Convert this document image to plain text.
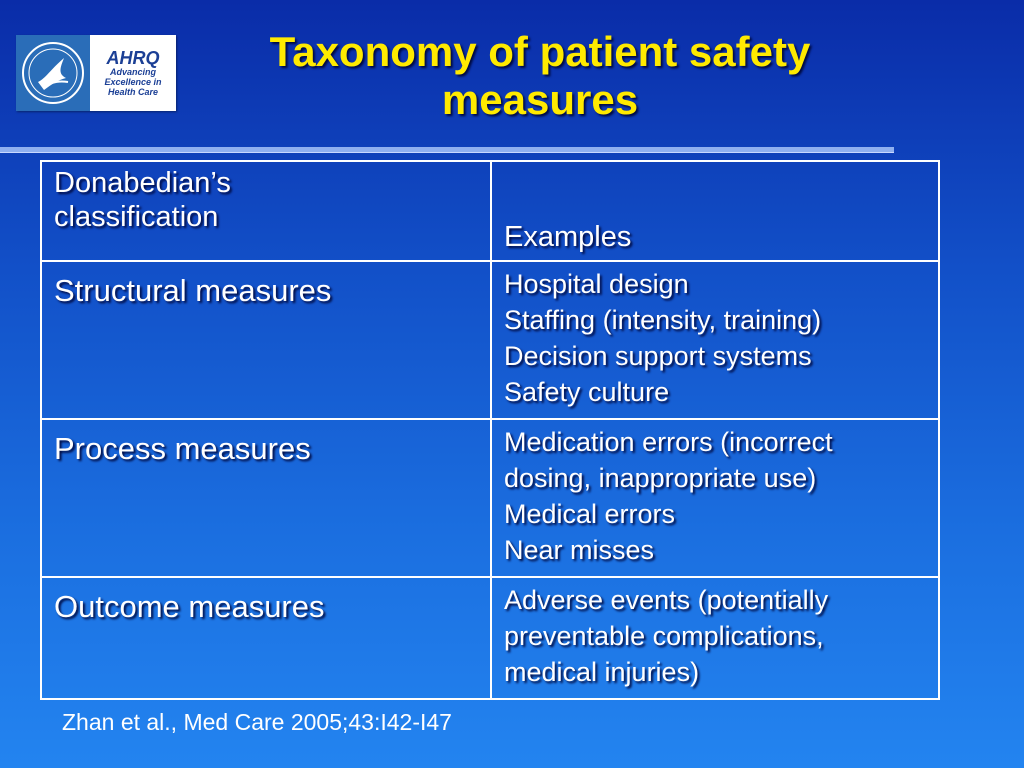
AHRQ
Advancing
Excellence in
Health Care
Taxonomy of patient safety
measures
Donabedian’s
classification	Examples

Structural measures	Hospital design
Staffing (intensity, training)
Decision support systems
Safety culture

Process measures	Medication errors (incorrect
dosing, inappropriate use)
Medical errors
Near misses

Outcome measures	Adverse events (potentially
preventable complications,
medical injuries)
Zhan et al., Med Care 2005;43:I42-I47
